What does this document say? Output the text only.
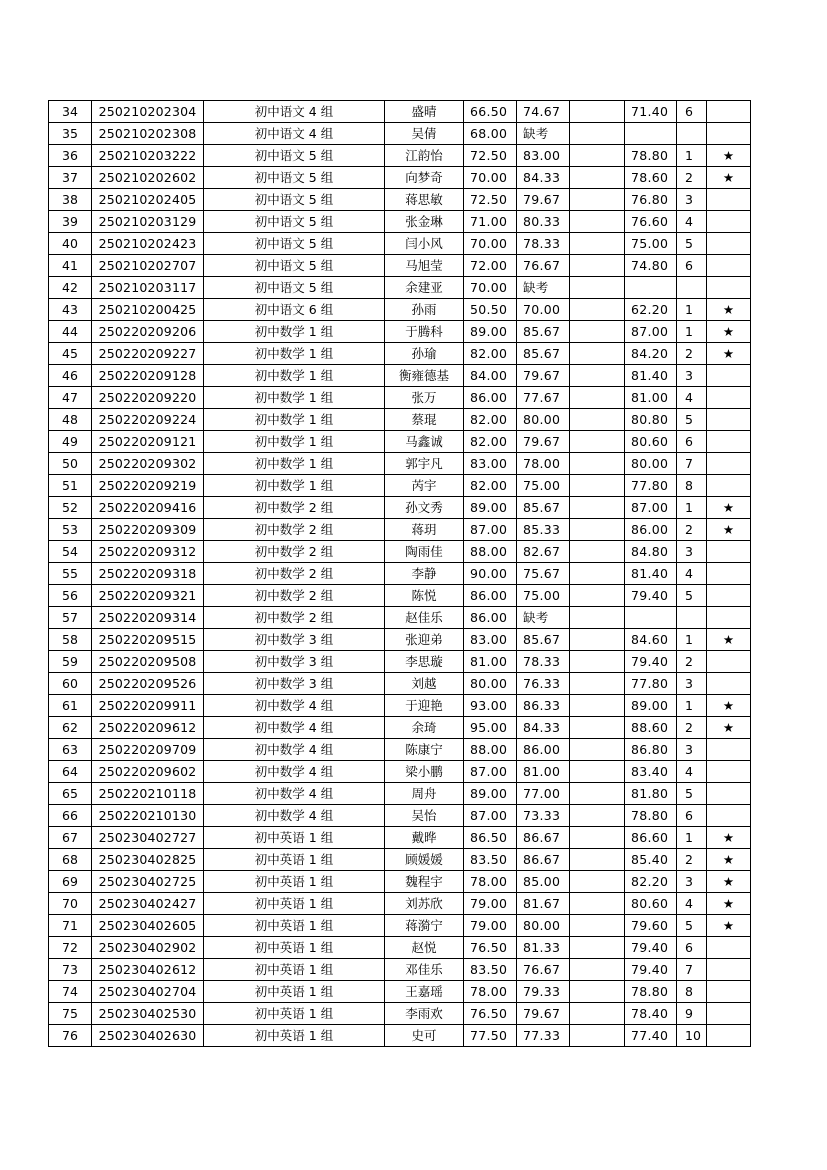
34	250210202304	初中语文 4 组	盛晴	66.50	74.67		71.40	6	
35	250210202308	初中语文 4 组	吴倩	68.00	缺考				
36	250210203222	初中语文 5 组	江韵怡	72.50	83.00		78.80	1	★
37	250210202602	初中语文 5 组	向梦奇	70.00	84.33		78.60	2	★
38	250210202405	初中语文 5 组	蒋思敏	72.50	79.67		76.80	3	
39	250210203129	初中语文 5 组	张金琳	71.00	80.33		76.60	4	
40	250210202423	初中语文 5 组	闫小风	70.00	78.33		75.00	5	
41	250210202707	初中语文 5 组	马旭莹	72.00	76.67		74.80	6	
42	250210203117	初中语文 5 组	余建亚	70.00	缺考				
43	250210200425	初中语文 6 组	孙雨	50.50	70.00		62.20	1	★
44	250220209206	初中数学 1 组	于腾科	89.00	85.67		87.00	1	★
45	250220209227	初中数学 1 组	孙瑜	82.00	85.67		84.20	2	★
46	250220209128	初中数学 1 组	衡雍德基	84.00	79.67		81.40	3	
47	250220209220	初中数学 1 组	张万	86.00	77.67		81.00	4	
48	250220209224	初中数学 1 组	蔡琨	82.00	80.00		80.80	5	
49	250220209121	初中数学 1 组	马鑫诚	82.00	79.67		80.60	6	
50	250220209302	初中数学 1 组	郭宇凡	83.00	78.00		80.00	7	
51	250220209219	初中数学 1 组	芮宇	82.00	75.00		77.80	8	
52	250220209416	初中数学 2 组	孙文秀	89.00	85.67		87.00	1	★
53	250220209309	初中数学 2 组	蒋玥	87.00	85.33		86.00	2	★
54	250220209312	初中数学 2 组	陶雨佳	88.00	82.67		84.80	3	
55	250220209318	初中数学 2 组	李静	90.00	75.67		81.40	4	
56	250220209321	初中数学 2 组	陈悦	86.00	75.00		79.40	5	
57	250220209314	初中数学 2 组	赵佳乐	86.00	缺考				
58	250220209515	初中数学 3 组	张迎弟	83.00	85.67		84.60	1	★
59	250220209508	初中数学 3 组	李思璇	81.00	78.33		79.40	2	
60	250220209526	初中数学 3 组	刘越	80.00	76.33		77.80	3	
61	250220209911	初中数学 4 组	于迎艳	93.00	86.33		89.00	1	★
62	250220209612	初中数学 4 组	余琦	95.00	84.33		88.60	2	★
63	250220209709	初中数学 4 组	陈康宁	88.00	86.00		86.80	3	
64	250220209602	初中数学 4 组	梁小鹏	87.00	81.00		83.40	4	
65	250220210118	初中数学 4 组	周舟	89.00	77.00		81.80	5	
66	250220210130	初中数学 4 组	吴怡	87.00	73.33		78.80	6	
67	250230402727	初中英语 1 组	戴晔	86.50	86.67		86.60	1	★
68	250230402825	初中英语 1 组	顾媛媛	83.50	86.67		85.40	2	★
69	250230402725	初中英语 1 组	魏程宇	78.00	85.00		82.20	3	★
70	250230402427	初中英语 1 组	刘苏欣	79.00	81.67		80.60	4	★
71	250230402605	初中英语 1 组	蒋漪宁	79.00	80.00		79.60	5	★
72	250230402902	初中英语 1 组	赵悦	76.50	81.33		79.40	6	
73	250230402612	初中英语 1 组	邓佳乐	83.50	76.67		79.40	7	
74	250230402704	初中英语 1 组	王嘉瑶	78.00	79.33		78.80	8	
75	250230402530	初中英语 1 组	李雨欢	76.50	79.67		78.40	9	
76	250230402630	初中英语 1 组	史可	77.50	77.33		77.40	10	
